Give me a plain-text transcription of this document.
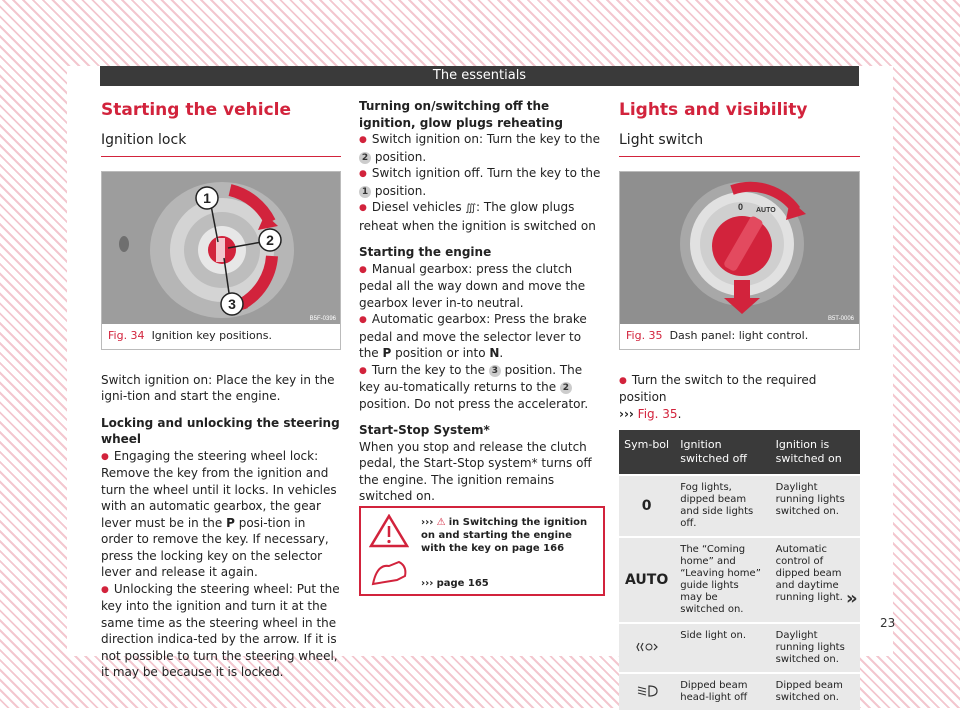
The essentials
Starting the vehicle
Ignition lock
1
2
3
B5F-0396
Fig. 34 Ignition key positions.

Switch ignition on: Place the key in the igni-tion and start the engine.

Locking and unlocking the steering wheel

● Engaging the steering wheel lock: Remove the key from the ignition and turn the wheel until it locks. In vehicles with an automatic gearbox, the gear lever must be in the P posi-tion in order to remove the key. If necessary, press the locking key on the selector lever and release it again.

● Unlocking the steering wheel: Put the key into the ignition and turn it at the same time as the steering wheel in the direction indica-ted by the arrow. If it is not possible to turn the steering wheel, it may be because it is locked.

Turning on/switching off the ignition, glow plugs reheating

● Switch ignition on: Turn the key to the 2 position.

● Switch ignition off. Turn the key to the 1 position.

● Diesel vehicles ∭: The glow plugs reheat when the ignition is switched on

Starting the engine

● Manual gearbox: press the clutch pedal all the way down and move the gearbox lever in-to neutral.

● Automatic gearbox: Press the brake pedal and move the selector lever to the P position or into N.

● Turn the key to the 3 position. The key au-tomatically returns to the 2 position. Do not press the accelerator.

Start-Stop System*

When you stop and release the clutch pedal, the Start-Stop system* turns off the engine. The ignition remains switched on.

››› ⚠ in Switching the ignition on and starting the engine with the key on page 166
››› page 165
Lights and visibility
Light switch
0 AUTO
B5T-0006
Fig. 35 Dash panel: light control.

● Turn the switch to the required position

››› Fig. 35.

Sym-bol	Ignition switched off	Ignition is switched on
0	Fog lights, dipped beam and side lights off.	Daylight running lights switched on.
AUTO	The “Coming home” and “Leaving home” guide lights may be switched on.	Automatic control of dipped beam and daytime running light.
	Side light on.	Daylight running lights switched on.
	Dipped beam head-light off	Dipped beam switched on.
»
23
